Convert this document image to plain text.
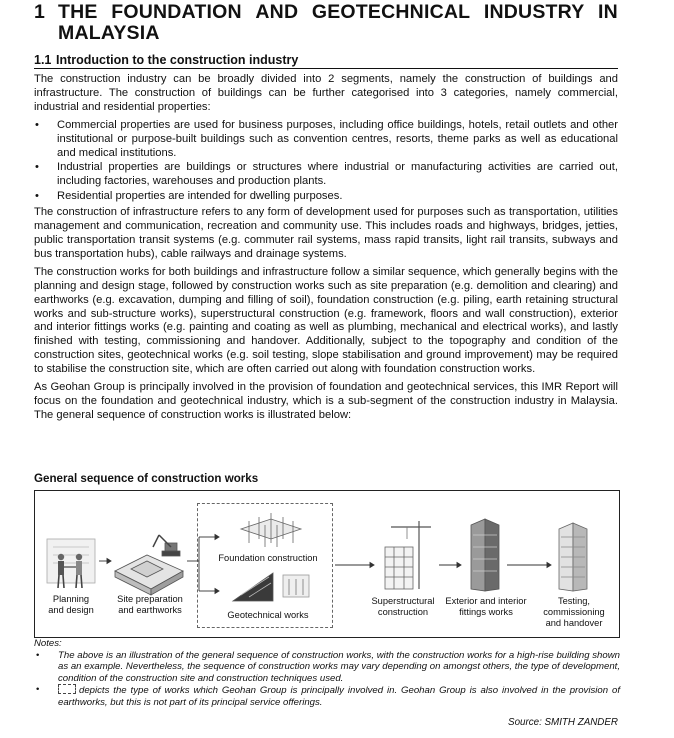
1 THE FOUNDATION AND GEOTECHNICAL INDUSTRY IN
MALAYSIA
1.1 Introduction to the construction industry

The construction industry can be broadly divided into 2 segments, namely the construction of buildings and infrastructure. The construction of buildings can be further categorised into 3 categories, namely commercial, industrial and residential properties:

• Commercial properties are used for business purposes, including office buildings, hotels, retail outlets and other institutional or purpose-built buildings such as convention centres, resorts, theme parks as well as educational and medical institutions.
• Industrial properties are buildings or structures where industrial or manufacturing activities are carried out, including factories, warehouses and production plants.
• Residential properties are intended for dwelling purposes.

The construction of infrastructure refers to any form of development used for purposes such as transportation, utilities management and communication, recreation and community use. This includes roads and highways, bridges, jetties, public transportation transit systems (e.g. commuter rail systems, mass rapid transits, light rail transits, subways and bus transportation hubs), cable railways and drainage systems.

The construction works for both buildings and infrastructure follow a similar sequence, which generally begins with the planning and design stage, followed by construction works such as site preparation (e.g. demolition and clearing) and earthworks (e.g. excavation, dumping and filling of soil), foundation construction (e.g. piling, earth retaining structural works and sub-structure works), superstructural construction (e.g. framework, floors and wall construction), exterior and interior fittings works (e.g. painting and coating as well as plumbing, mechanical and electrical works), and lastly finished with testing, commissioning and handover. Additionally, subject to the topography and condition of the construction sites, geotechnical works (e.g. soil testing, slope stabilisation and ground improvement) may be required to stabilise the construction site, which are often carried out along with foundation construction works.

As Geohan Group is principally involved in the provision of foundation and geotechnical services, this IMR Report will focus on the foundation and geotechnical industry, which is a sub-segment of the construction industry in Malaysia. The general sequence of construction works is illustrated below:

General sequence of construction works
Planning
and design
Site preparation
and earthworks
Foundation construction
Geotechnical works
Superstructural
construction
Exterior and interior
fittings works
Testing,
commissioning
and handover
Notes:
• The above is an illustration of the general sequence of construction works, with the construction works for a high-rise building shown as an example. Nevertheless, the sequence of construction works may vary depending on amongst others, the type of development, condition of the construction site and construction techniques used.
• depicts the type of works which Geohan Group is principally involved in. Geohan Group is also involved in the provision of earthworks, but this is not part of its principal service offerings.
Source: SMITH ZANDER
